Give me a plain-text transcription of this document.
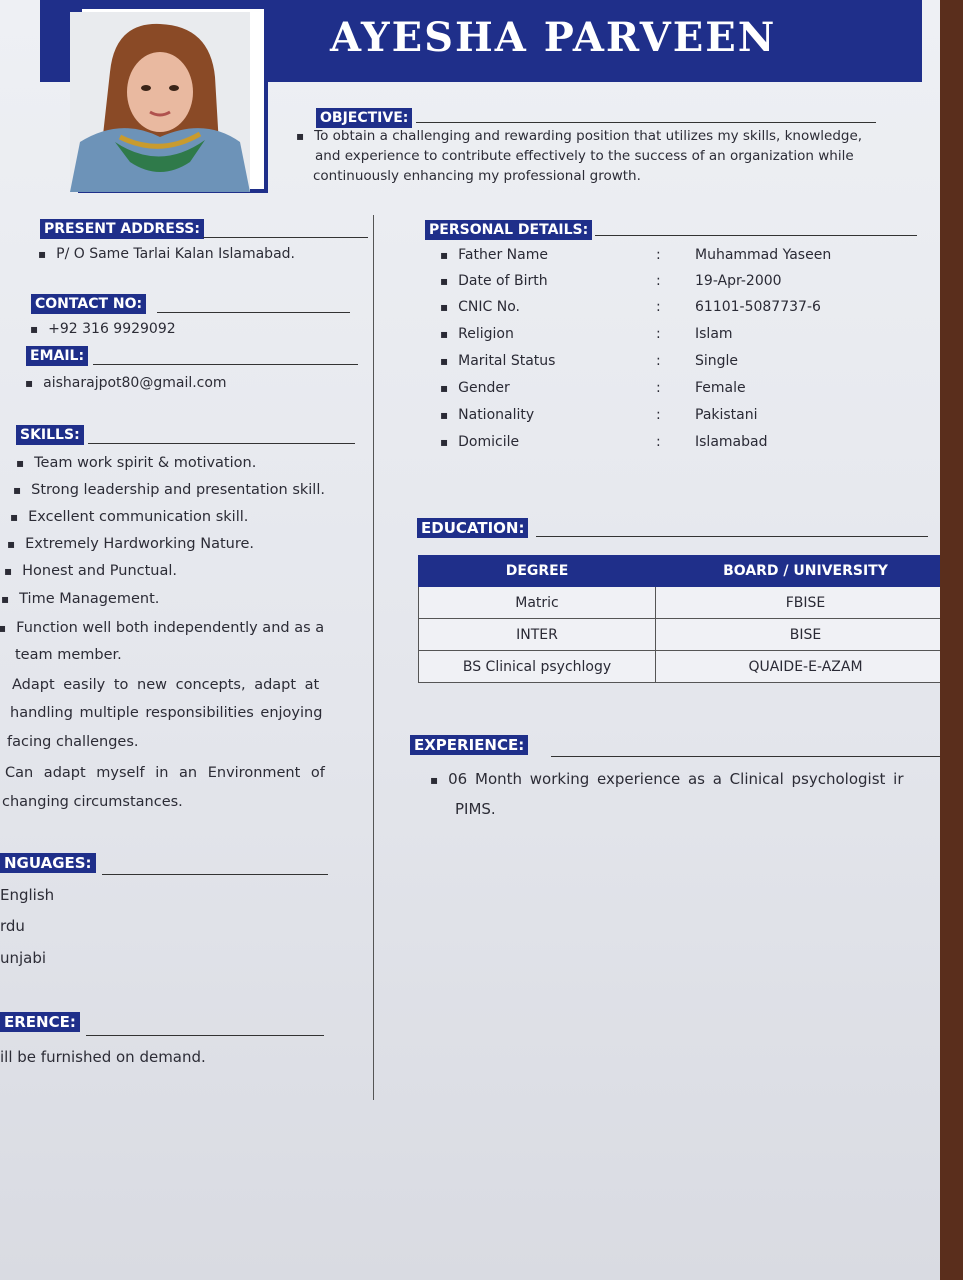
AYESHA PARVEEN
OBJECTIVE:
▪ To obtain a challenging and rewarding position that utilizes my skills, knowledge,
and experience to contribute effectively to the success of an organization while
continuously enhancing my professional growth.
PRESENT ADDRESS:
▪ P/ O Same Tarlai Kalan Islamabad.
CONTACT NO:
▪ +92 316 9929092
EMAIL:
▪ aisharajpot80@gmail.com
SKILLS:
▪ Team work spirit & motivation.
▪ Strong leadership and presentation skill.
▪ Excellent communication skill.
▪ Extremely Hardworking Nature.
▪ Honest and Punctual.
▪ Time Management.
▪ Function well both independently and as a
team member.
Adapt easily to new concepts, adapt at
handling multiple responsibilities enjoying
facing challenges.
Can adapt myself in an Environment of
changing circumstances.
NGUAGES:
English
rdu
unjabi
ERENCE:
ill be furnished on demand.
PERSONAL DETAILS:
▪ Father Name	: Muhammad Yaseen
▪ Date of Birth	: 19-Apr-2000
▪ CNIC No.	: 61101-5087737-6
▪ Religion	: Islam
▪ Marital Status	: Single
▪ Gender	: Female
▪ Nationality	: Pakistani
▪ Domicile	: Islamabad
EDUCATION:
DEGREE	BOARD / UNIVERSITY
Matric	FBISE
INTER	BISE
BS Clinical psychlogy	QUAIDE-E-AZAM
EXPERIENCE:
▪ 06 Month working experience as a Clinical psychologist ir
PIMS.
